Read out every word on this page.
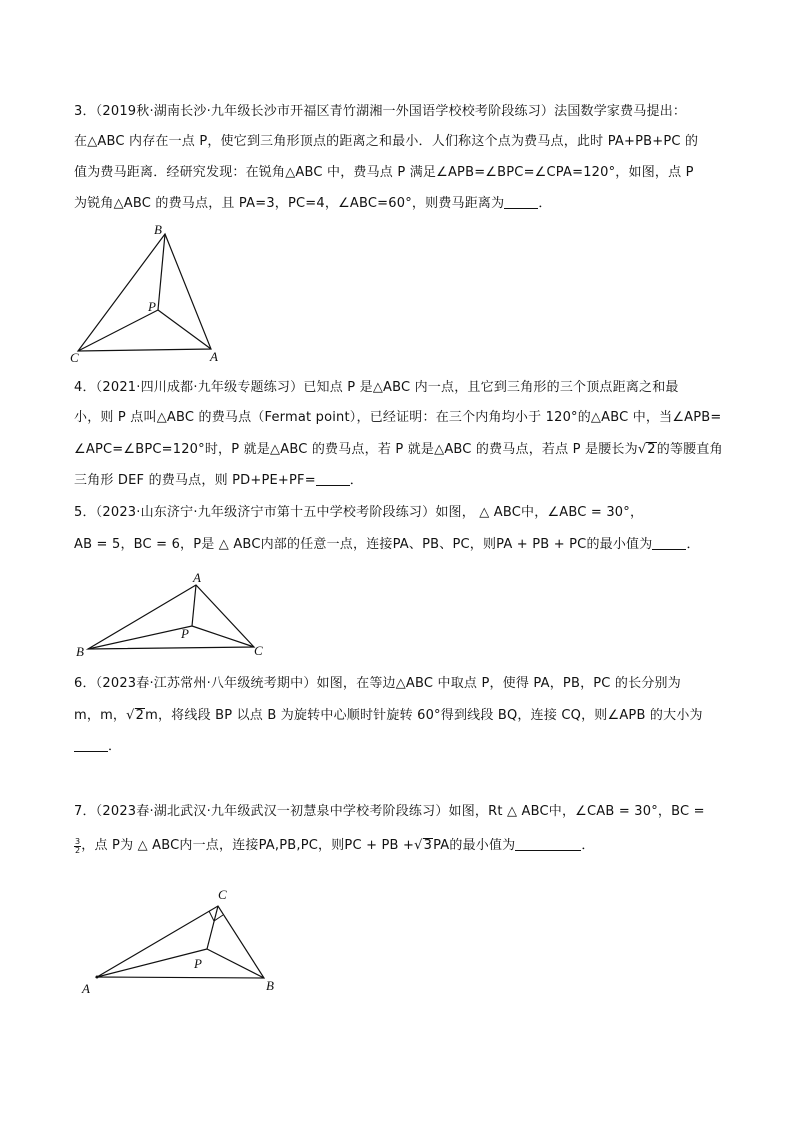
3．（2019秋·湖南长沙·九年级长沙市开福区青竹湖湘一外国语学校校考阶段练习）法国数学家费马提出：
在△ABC 内存在一点 P，使它到三角形顶点的距离之和最小．人们称这个点为费马点，此时 PA+PB+PC 的
值为费马距离．经研究发现：在锐角△ABC 中，费马点 P 满足∠APB=∠BPC=∠CPA=120°，如图，点 P
为锐角△ABC 的费马点，且 PA=3，PC=4，∠ABC=60°，则费马距离为	．
B
P
C	A
4．（2021·四川成都·九年级专题练习）已知点 P 是△ABC 内一点，且它到三角形的三个顶点距离之和最
小，则 P 点叫△ABC 的费马点（Fermat point），已经证明：在三个内角均小于 120°的△ABC 中，当∠APB=
∠APC=∠BPC=120°时，P 就是△ABC 的费马点，若 P 就是△ABC 的费马点，若点 P 是腰长为√2的等腰直角
三角形 DEF 的费马点，则 PD+PE+PF=	．
5．（2023·山东济宁·九年级济宁市第十五中学校考阶段练习）如图， △ ABC中，∠ABC = 30°，
AB = 5，BC = 6，P是 △ ABC内部的任意一点，连接PA、PB、PC，则PA + PB + PC的最小值为	．
A
P
B	C
6．（2023春·江苏常州·八年级统考期中）如图，在等边△ABC 中取点 P，使得 PA，PB，PC 的长分别为
m，m，√2m，将线段 BP 以点 B 为旋转中心顺时针旋转 60°得到线段 BQ，连接 CQ，则∠APB 的大小为
．
7．（2023春·湖北武汉·九年级武汉一初慧泉中学校考阶段练习）如图，Rt △ ABC中，∠CAB = 30°，BC =
$\frac{3}{2}$，点 P为 △ ABC内一点，连接PA,PB,PC，则PC + PB +√3PA的最小值为	．
C
P
A	B
